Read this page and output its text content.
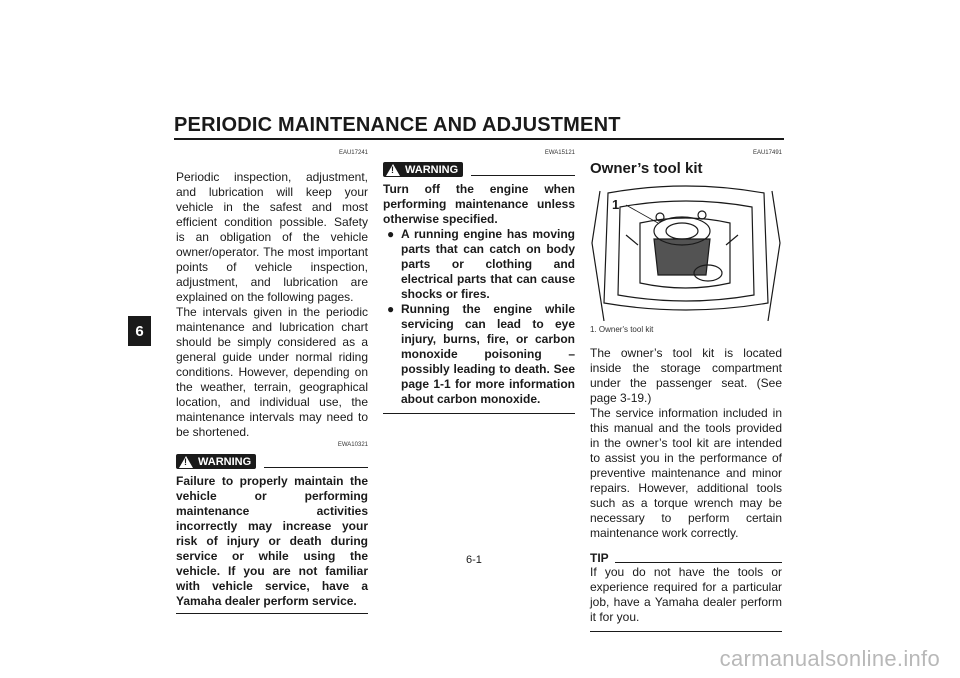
PERIODIC MAINTENANCE AND ADJUSTMENT
6
EAU17241

Periodic inspection, adjustment, and lubrication will keep your vehicle in the safest and most efficient condition possible. Safety is an obligation of the vehicle owner/operator. The most important points of vehicle inspection, adjustment, and lubrication are explained on the following pages.

The intervals given in the periodic maintenance and lubrication chart should be simply considered as a general guide under normal riding conditions. However, depending on the weather, terrain, geographical location, and individual use, the maintenance intervals may need to be shortened.

EWA10321
! WARNING

Failure to properly maintain the vehicle or performing maintenance activities incorrectly may increase your risk of injury or death during service or while using the vehicle. If you are not familiar with vehicle service, have a Yamaha dealer perform service.

EWA15121
! WARNING

Turn off the engine when performing maintenance unless otherwise specified.

● A running engine has moving parts that can catch on body parts or clothing and electrical parts that can cause shocks or fires.
● Running the engine while servicing can lead to eye injury, burns, fire, or carbon monoxide poisoning – possibly leading to death. See page 1-1 for more information about carbon monoxide.
EAU17491
Owner’s tool kit
1

1. Owner's tool kit

The owner’s tool kit is located inside the storage compartment under the passenger seat. (See page 3-19.)

The service information included in this manual and the tools provided in the owner’s tool kit are intended to assist you in the performance of preventive maintenance and minor repairs. However, additional tools such as a torque wrench may be necessary to perform certain maintenance work correctly.

TIP

If you do not have the tools or experience required for a particular job, have a Yamaha dealer perform it for you.

6-1
carmanualsonline.info
